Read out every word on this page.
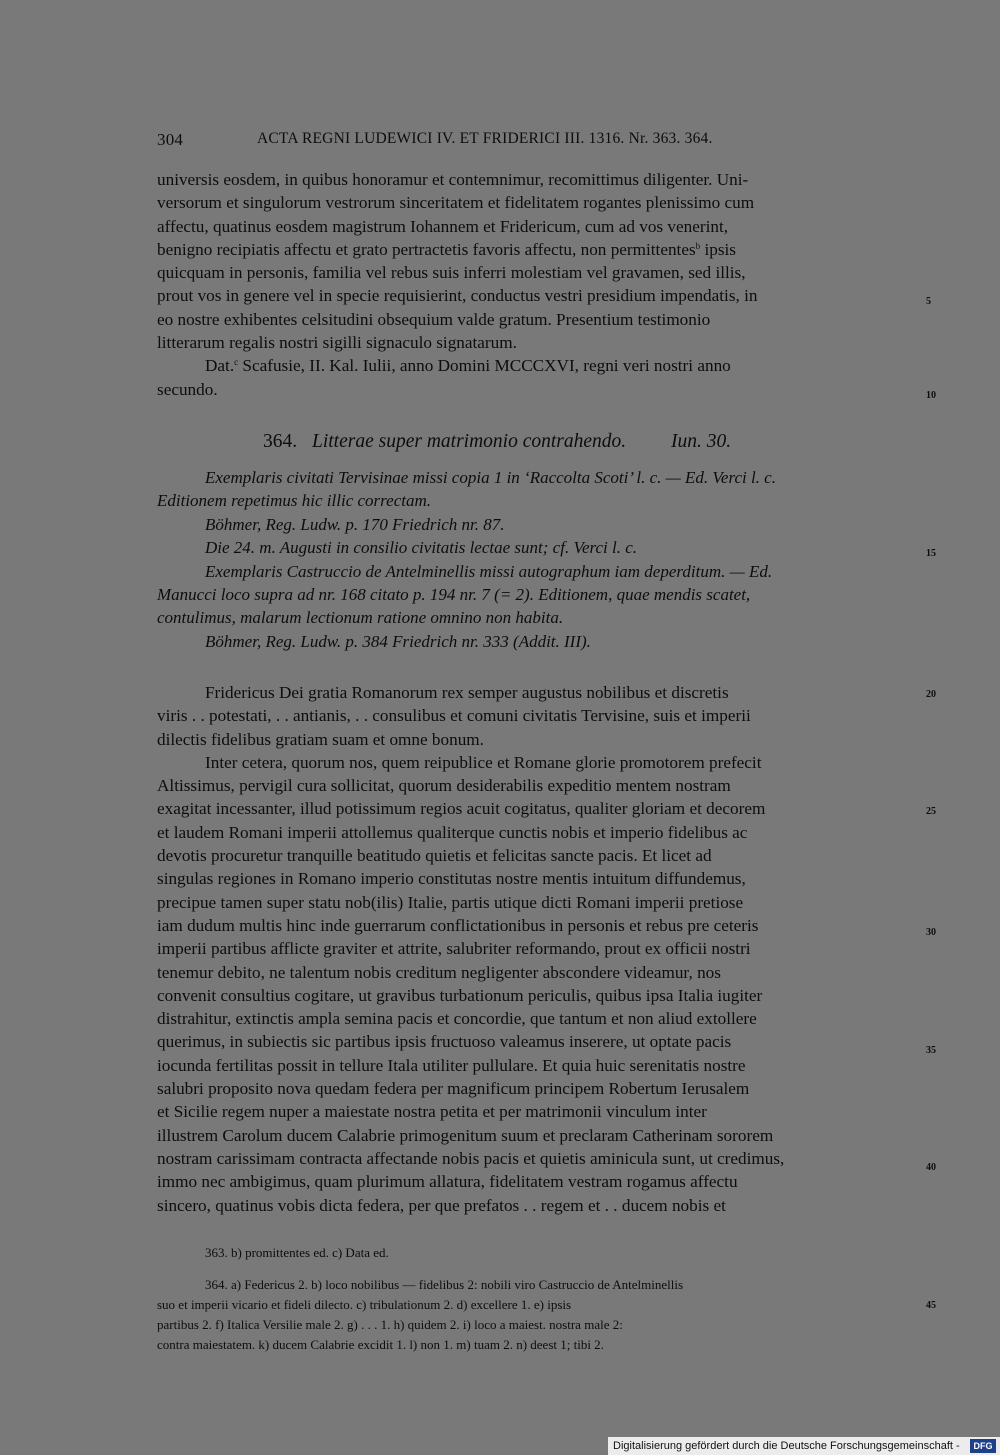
304	ACTA REGNI LUDEWICI IV. ET FRIDERICI III. 1316. Nr. 363. 364.
universis eosdem, in quibus honoramur et contemnimur, recomittimus diligenter. Uni-
versorum et singulorum vestrorum sinceritatem et fidelitatem rogantes plenissimo cum
affectu, quatinus eosdem magistrum Iohannem et Fridericum, cum ad vos venerint,
benigno recipiatis affectu et grato pertractetis favoris affectu, non permittentes$^b$ ipsis
quicquam in personis, familia vel rebus suis inferri molestiam vel gravamen, sed illis,
prout vos in genere vel in specie requisierint, conductus vestri presidium impendatis, in
eo nostre exhibentes celsitudini obsequium valde gratum. Presentium testimonio
litterarum regalis nostri sigilli signaculo signatarum.
Dat.$^c$ Scafusie, II. Kal. Iulii, anno Domini MCCCXVI, regni veri nostri anno
secundo.
5
10
364. Litterae super matrimonio contrahendo. Iun. 30.
Exemplaris civitati Tervisinae missi copia 1 in ‘Raccolta Scoti’ l. c. — Ed. Verci l. c.
Editionem repetimus hic illic correctam.
Böhmer, Reg. Ludw. p. 170 Friedrich nr. 87.
Die 24. m. Augusti in consilio civitatis lectae sunt; cf. Verci l. c.
Exemplaris Castruccio de Antelminellis missi autographum iam deperditum. — Ed.
Manucci loco supra ad nr. 168 citato p. 194 nr. 7 (= 2). Editionem, quae mendis scatet,
contulimus, malarum lectionum ratione omnino non habita.
Böhmer, Reg. Ludw. p. 384 Friedrich nr. 333 (Addit. III).
15
Fridericus Dei gratia Romanorum rex semper augustus nobilibus et discretis
viris . . potestati, . . antianis, . . consulibus et comuni civitatis Tervisine, suis et imperii
dilectis fidelibus gratiam suam et omne bonum.
Inter cetera, quorum nos, quem reipublice et Romane glorie promotorem prefecit
Altissimus, pervigil cura sollicitat, quorum desiderabilis expeditio mentem nostram
exagitat incessanter, illud potissimum regios acuit cogitatus, qualiter gloriam et decorem
et laudem Romani imperii attollemus qualiterque cunctis nobis et imperio fidelibus ac
devotis procuretur tranquille beatitudo quietis et felicitas sancte pacis. Et licet ad
singulas regiones in Romano imperio constitutas nostre mentis intuitum diffundemus,
precipue tamen super statu nob(ilis) Italie, partis utique dicti Romani imperii pretiose
iam dudum multis hinc inde guerrarum conflictationibus in personis et rebus pre ceteris
imperii partibus afflicte graviter et attrite, salubriter reformando, prout ex officii nostri
tenemur debito, ne talentum nobis creditum negligenter abscondere videamur, nos
convenit consultius cogitare, ut gravibus turbationum periculis, quibus ipsa Italia iugiter
distrahitur, extinctis ampla semina pacis et concordie, que tantum et non aliud extollere
querimus, in subiectis sic partibus ipsis fructuoso valeamus inserere, ut optate pacis
iocunda fertilitas possit in tellure Itala utiliter pullulare. Et quia huic serenitatis nostre
salubri proposito nova quedam federa per magnificum principem Robertum Ierusalem
et Sicilie regem nuper a maiestate nostra petita et per matrimonii vinculum inter
illustrem Carolum ducem Calabrie primogenitum suum et preclaram Catherinam sororem
nostram carissimam contracta affectande nobis pacis et quietis aminicula sunt, ut credimus,
immo nec ambigimus, quam plurimum allatura, fidelitatem vestram rogamus affectu
sincero, quatinus vobis dicta federa, per que prefatos . . regem et . . ducem nobis et
20
25
30
35
40
363. b) promittentes ed. c) Data ed.
364. a) Federicus 2. b) loco nobilibus — fidelibus 2: nobili viro Castruccio de Antelminellis
suo et imperii vicario et fideli dilecto. c) tribulationum 2. d) excellere 1. e) ipsis
partibus 2. f) Italica Versilie male 2. g) . . . 1. h) quidem 2. i) loco a maiest. nostra male 2:
contra maiestatem. k) ducem Calabrie excidit 1. l) non 1. m) tuam 2. n) deest 1; tibi 2.
45
Digitalisierung gefördert durch die Deutsche Forschungsgemeinschaft -	DFG
